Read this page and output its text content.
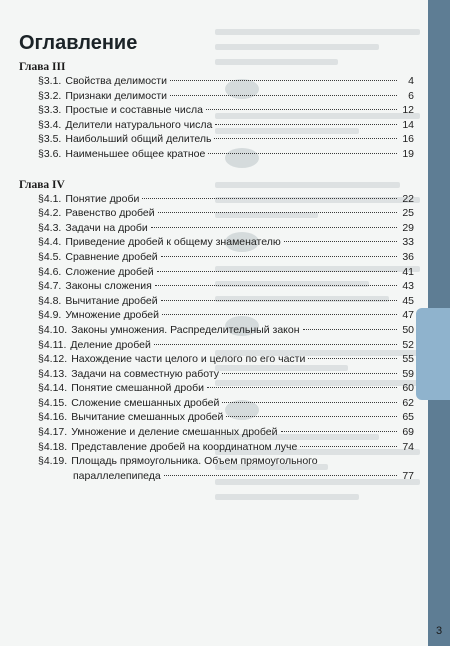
Оглавление
Глава III
§3.1. Свойства делимости	4
§3.2. Признаки делимости	6
§3.3. Простые и составные числа	12
§3.4. Делители натурального числа	14
§3.5. Наибольший общий делитель	16
§3.6. Наименьшее общее кратное	19
Глава IV
§4.1. Понятие дроби	22
§4.2. Равенство дробей	25
§4.3. Задачи на дроби	29
§4.4. Приведение дробей к общему знаменателю	33
§4.5. Сравнение дробей	36
§4.6. Сложение дробей	41
§4.7. Законы сложения	43
§4.8. Вычитание дробей	45
§4.9. Умножение дробей	47
§4.10. Законы умножения. Распределительный закон	50
§4.11. Деление дробей	52
§4.12. Нахождение части целого и целого по его части	55
§4.13. Задачи на совместную работу	59
§4.14. Понятие смешанной дроби	60
§4.15. Сложение смешанных дробей	62
§4.16. Вычитание смешанных дробей	65
§4.17. Умножение и деление смешанных дробей	69
§4.18. Представление дробей на координатном луче	74
§4.19. Площадь прямоугольника. Объем прямоугольного
параллелепипеда	77
3
